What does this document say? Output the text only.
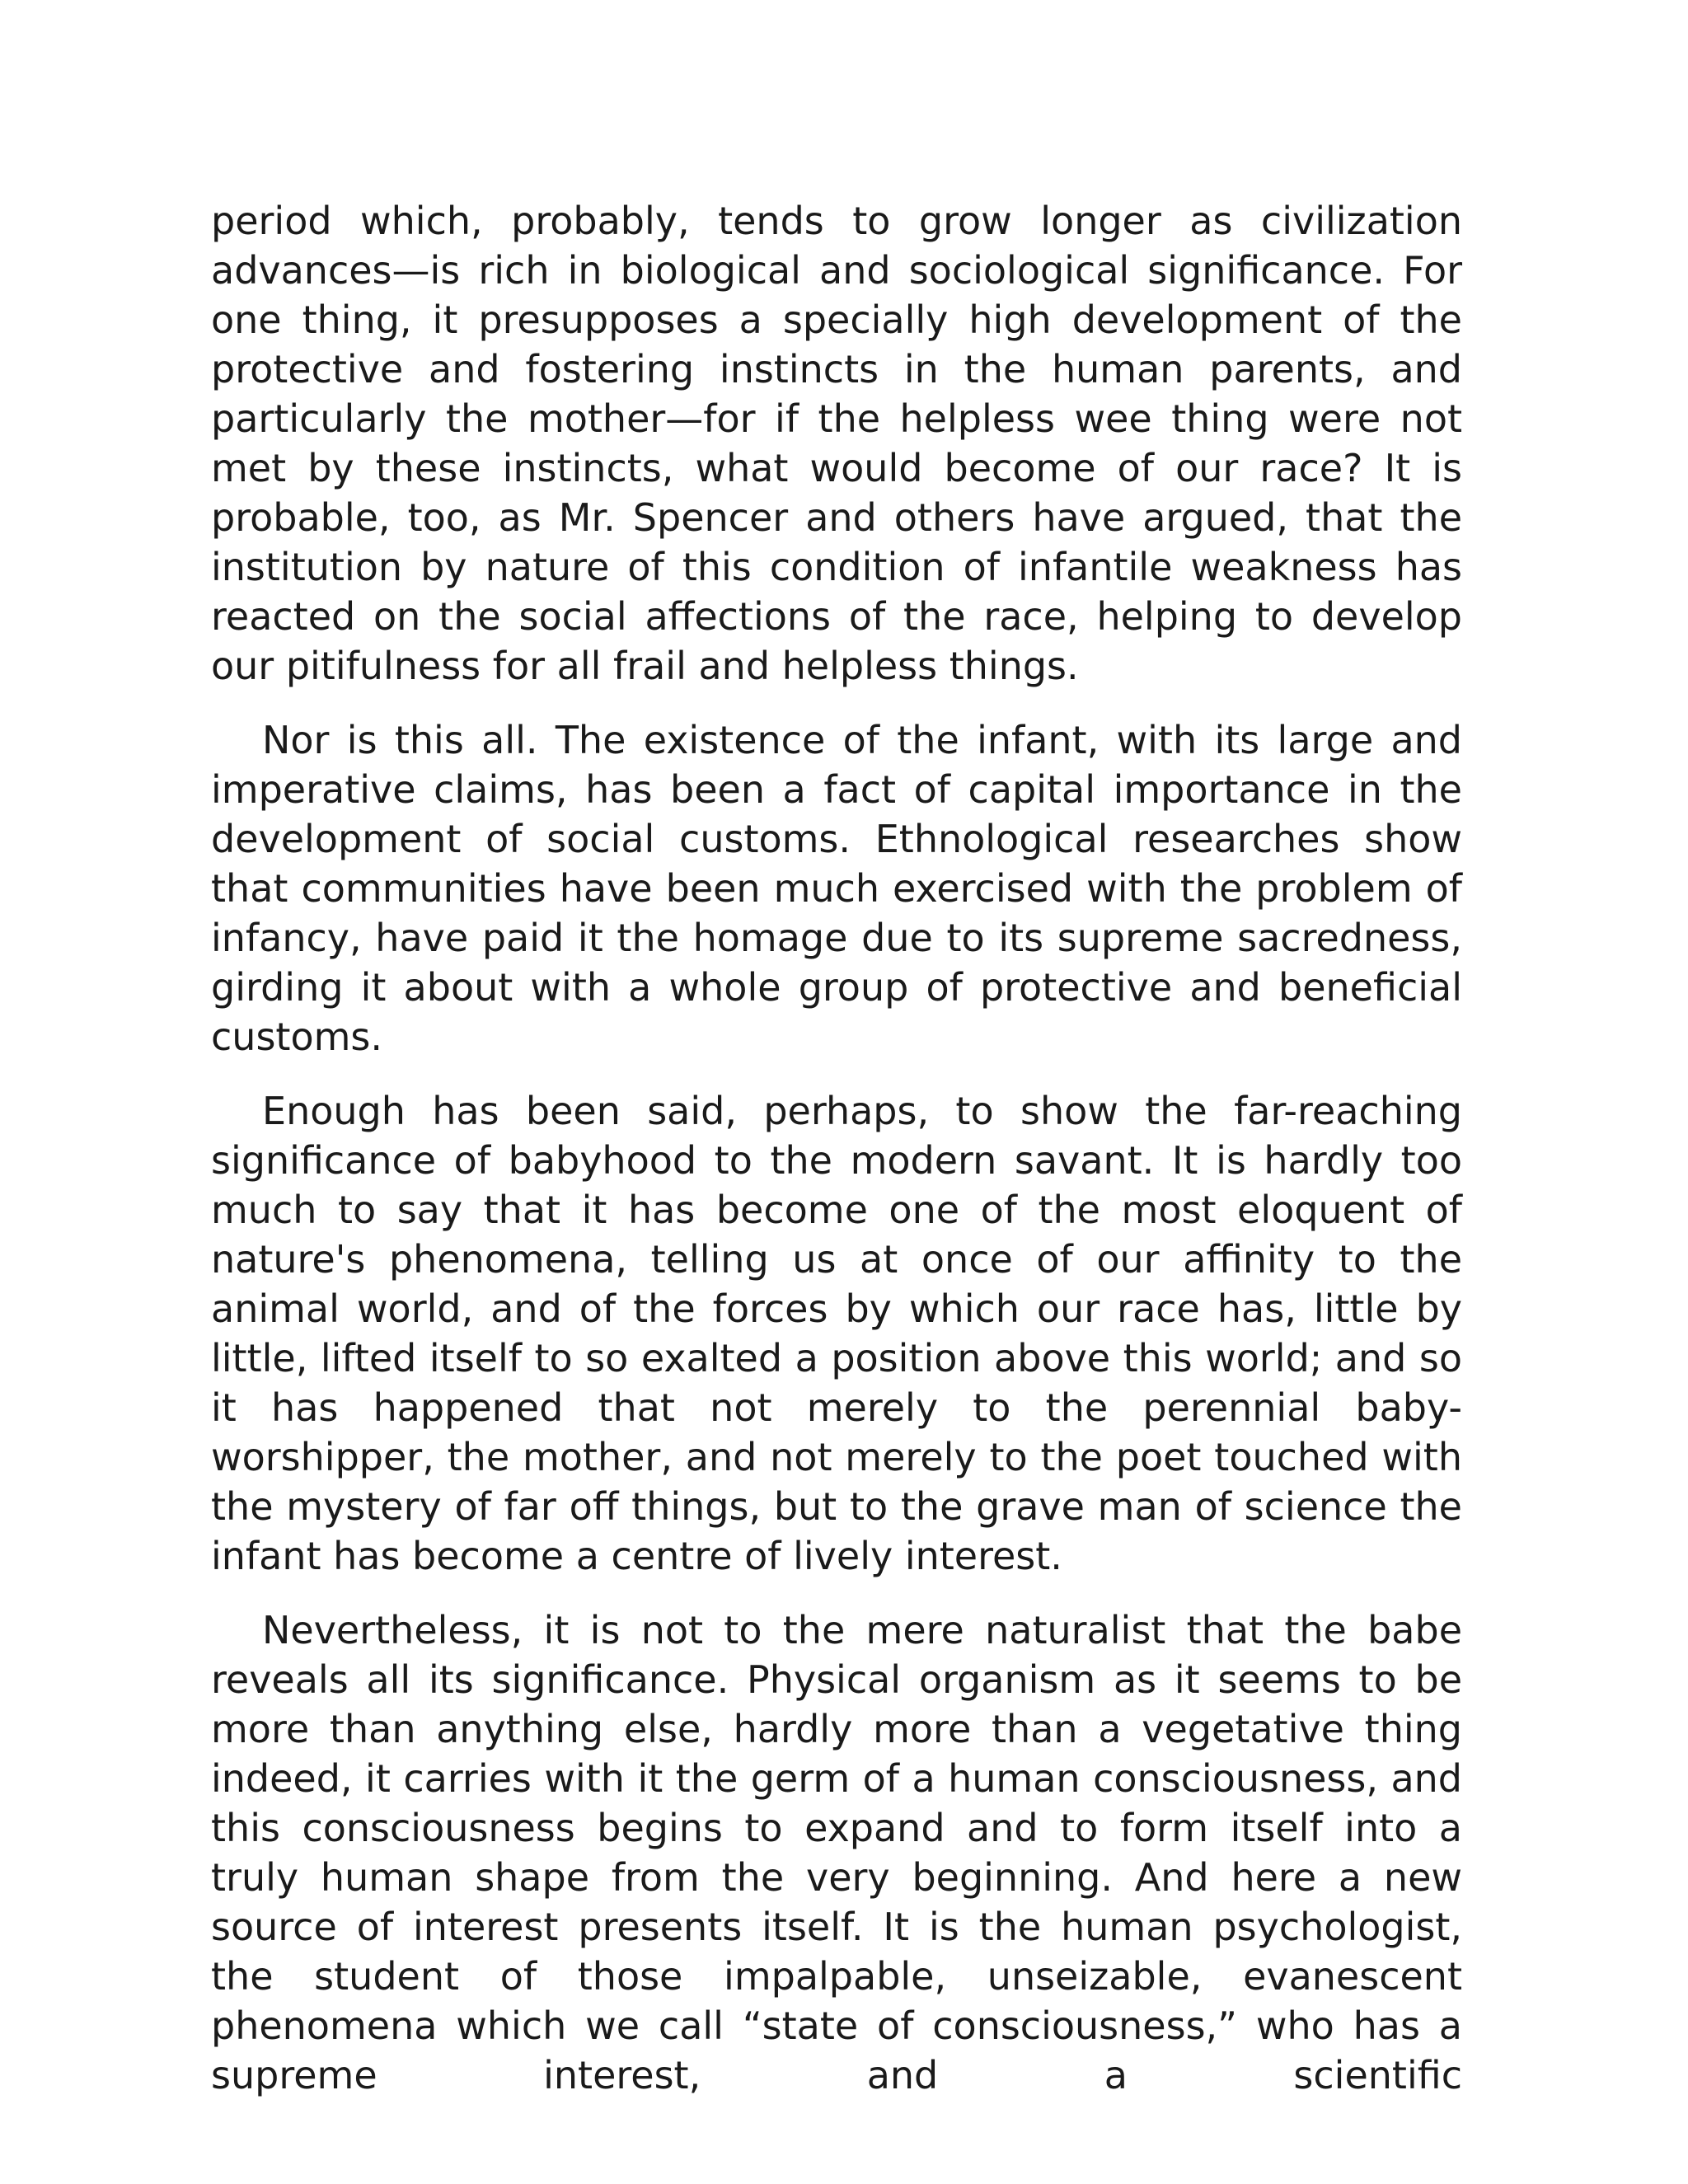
period which, probably, tends to grow longer as civilization advances—is rich in biological and sociological significance. For one thing, it presupposes a specially high development of the protective and fostering instincts in the human parents, and particularly the mother—for if the helpless wee thing were not met by these instincts, what would become of our race? It is probable, too, as Mr. Spencer and others have argued, that the institution by nature of this condition of infantile weakness has reacted on the social affections of the race, helping to develop our pitifulness for all frail and helpless things.

Nor is this all. The existence of the infant, with its large and imperative claims, has been a fact of capital importance in the development of social customs. Ethnological researches show that communities have been much exercised with the problem of infancy, have paid it the homage due to its supreme sacredness, girding it about with a whole group of protective and beneficial customs.

Enough has been said, perhaps, to show the far-reaching significance of babyhood to the modern savant. It is hardly too much to say that it has become one of the most eloquent of nature's phenomena, telling us at once of our affinity to the animal world, and of the forces by which our race has, little by little, lifted itself to so exalted a position above this world; and so it has happened that not merely to the perennial baby-worshipper, the mother, and not merely to the poet touched with the mystery of far off things, but to the grave man of science the infant has become a centre of lively interest.

Nevertheless, it is not to the mere naturalist that the babe reveals all its significance. Physical organism as it seems to be more than anything else, hardly more than a vegetative thing indeed, it carries with it the germ of a human consciousness, and this consciousness begins to expand and to form itself into a truly human shape from the very beginning. And here a new source of interest presents itself. It is the human psychologist, the student of those impalpable, unseizable, evanescent phenomena which we call “state of consciousness,” who has a supreme interest, and a scientific
